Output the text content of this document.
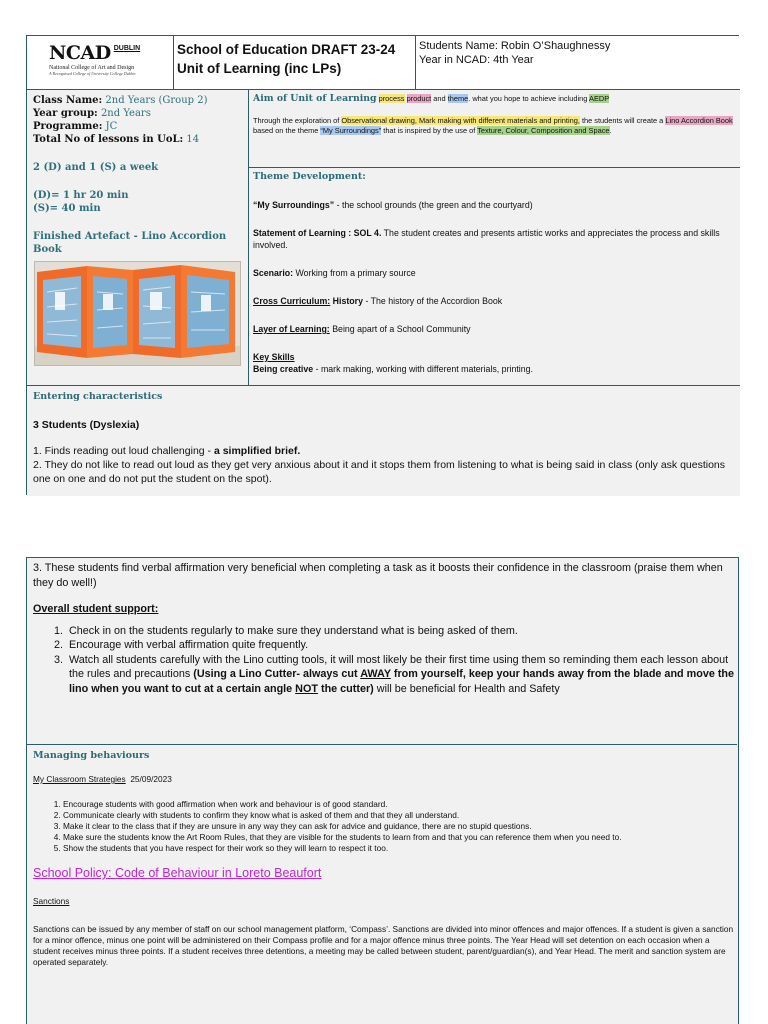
NCAD DUBLIN
National College of Art and Design
A Recognised College of University College Dublin
School of Education DRAFT 23-24
Unit of Learning (inc LPs)
Students Name: Robin O’Shaughnessy
Year in NCAD: 4th Year
Class Name: 2nd Years (Group 2)
Year group: 2nd Years
Programme: JC
Total No of lessons in UoL: 14
2 (D) and 1 (S) a week
(D)= 1 hr 20 min
(S)= 40 min
Finished Artefact - Lino Accordion Book
Aim of Unit of Learning process product and theme. what you hope to achieve including AEDP
Through the exploration of Observational drawing, Mark making with different materials and printing, the students will create a Lino Accordion Book based on the theme “My Surroundings” that is inspired by the use of Texture, Colour, Composition and Space.
Theme Development:

“My Surroundings” - the school grounds (the green and the courtyard)

Statement of Learning : SOL 4. The student creates and presents artistic works and appreciates the process and skills involved.

Scenario: Working from a primary source

Cross Curriculum: History - The history of the Accordion Book

Layer of Learning: Being apart of a School Community

Key Skills
Being creative - mark making, working with different materials, printing.
Entering characteristics
3 Students (Dyslexia)
1. Finds reading out loud challenging - a simplified brief.
2. They do not like to read out loud as they get very anxious about it and it stops them from listening to what is being said in class (only ask questions one on one and do not put the student on the spot).
3. These students find verbal affirmation very beneficial when completing a task as it boosts their confidence in the classroom (praise them when they do well!)
Overall student support:
1. Check in on the students regularly to make sure they understand what is being asked of them.
2. Encourage with verbal affirmation quite frequently.
3. Watch all students carefully with the Lino cutting tools, it will most likely be their first time using them so reminding them each lesson about the rules and precautions (Using a Lino Cutter- always cut AWAY from yourself, keep your hands away from the blade and move the lino when you want to cut at a certain angle NOT the cutter) will be beneficial for Health and Safety
Managing behaviours
My Classroom Strategies 25/09/2023
1. Encourage students with good affirmation when work and behaviour is of good standard.
2. Communicate clearly with students to confirm they know what is asked of them and that they all understand.
3. Make it clear to the class that if they are unsure in any way they can ask for advice and guidance, there are no stupid questions.
4. Make sure the students know the Art Room Rules, that they are visible for the students to learn from and that you can reference them when you need to.
5. Show the students that you have respect for their work so they will learn to respect it too.
School Policy: Code of Behaviour in Loreto Beaufort
Sanctions
Sanctions can be issued by any member of staff on our school management platform, ‘Compass’. Sanctions are divided into minor offences and major offences. If a student is given a sanction for a minor offence, minus one point will be administered on their Compass profile and for a major offence minus three points. The Year Head will set detention on each occasion when a student receives minus three points. If a student receives three detentions, a meeting may be called between student, parent/guardian(s), and Year Head. The merit and sanction system are operated separately.
